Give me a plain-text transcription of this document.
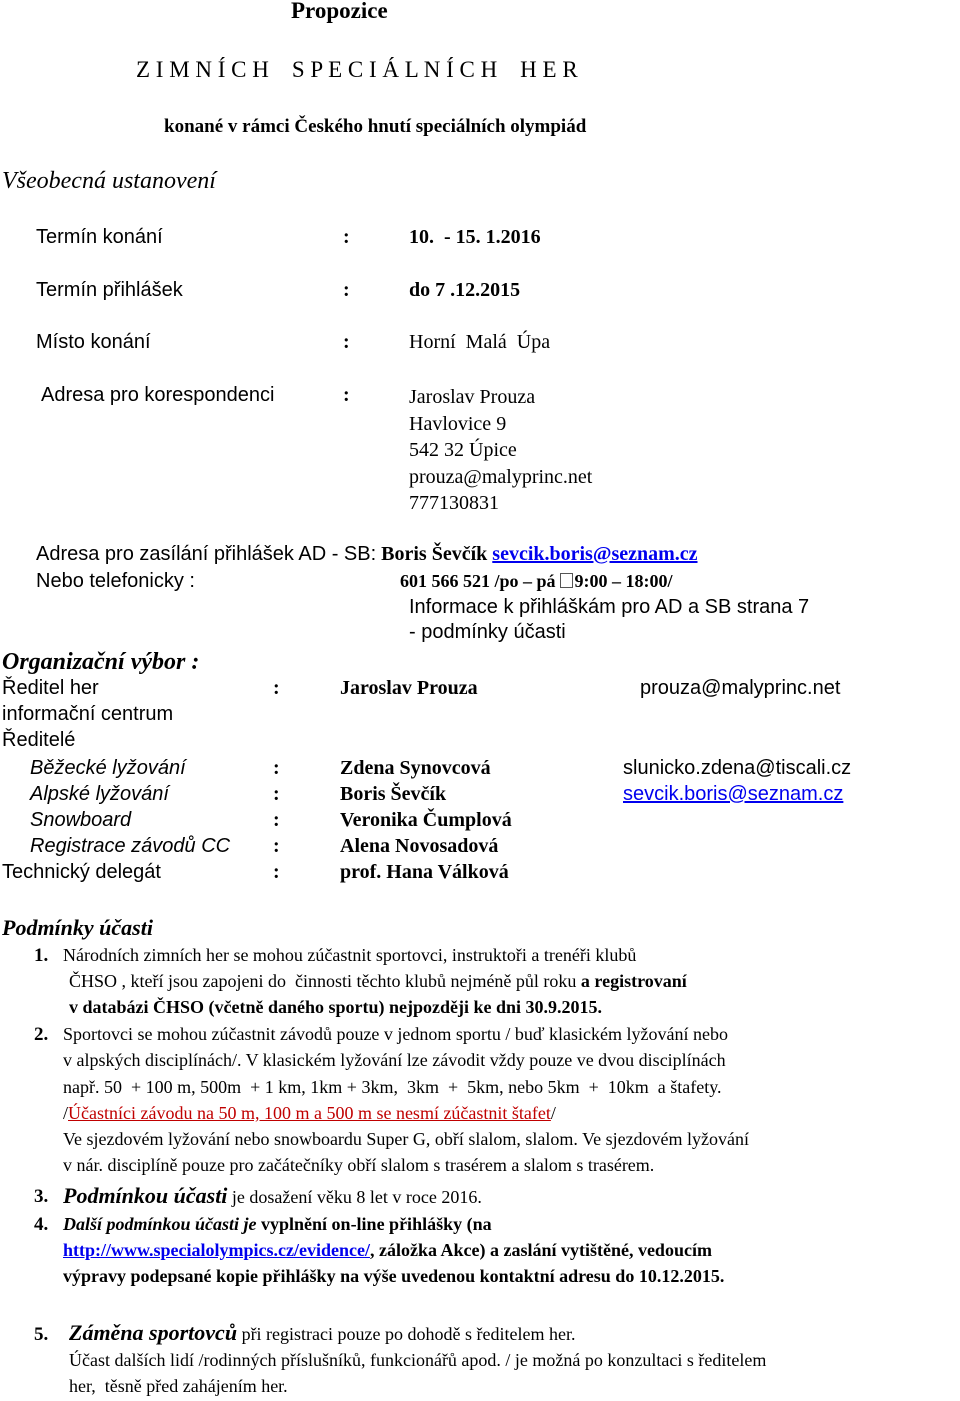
Propozice
Z I M N Í C H    S P E C I Á L N Í C H    H E R
konané v rámci Českého hnutí speciálních olympiád
Všeobecná ustanovení
Termín konání	:	10.  - 15. 1.2016
Termín přihlášek	:	do 7 .12.2015
Místo konání	:	Horní  Malá  Úpa
Adresa pro korespondenci	:	Jaroslav Prouza
Havlovice 9
542 32 Úpice
prouza@malyprinc.net
777130831
Adresa pro zasílání přihlášek AD - SB: Boris Ševčík sevcik.boris@seznam.cz
Nebo telefonicky :	601 566 521 /po – pá 9:00 – 18:00/
Informace k přihláškám pro AD a SB strana 7
- podmínky účasti
Organizační výbor :
Ředitel her	:	Jaroslav Prouza	prouza@malyprinc.net
informační centrum
Ředitelé
Běžecké lyžování	:	Zdena Synovcová	slunicko.zdena@tiscali.cz
Alpské lyžování	:	Boris Ševčík	sevcik.boris@seznam.cz
Snowboard	:	Veronika Čumplová
Registrace závodů CC :	Alena Novosadová
Technický delegát	:	prof. Hana Válková
Podmínky účasti
1. Národních zimních her se mohou zúčastnit sportovci, instruktoři a trenéři klubů
ČHSO , kteří jsou zapojeni do  činnosti těchto klubů nejméně půl roku a registrovaní
v databázi ČHSO (včetně daného sportu) nejpozději ke dni 30.9.2015.
2. Sportovci se mohou zúčastnit závodů pouze v jednom sportu / buď klasickém lyžování nebo
v alpských disciplínách/. V klasickém lyžování lze závodit vždy pouze ve dvou disciplínách
např. 50  + 100 m, 500m  + 1 km, 1km + 3km,  3km  +  5km, nebo 5km  +  10km  a štafety.
/Účastníci závodu na 50 m, 100 m a 500 m se nesmí zúčastnit štafet/
Ve sjezdovém lyžování nebo snowboardu Super G, obří slalom, slalom. Ve sjezdovém lyžování
v nár. disciplíně pouze pro začátečníky obří slalom s trasérem a slalom s trasérem.
3. Podmínkou účasti je dosažení věku 8 let v roce 2016.
4. Další podmínkou účasti je vyplnění on-line přihlášky (na
http://www.specialolympics.cz/evidence/, záložka Akce) a zaslání vytištěné, vedoucím
výpravy podepsané kopie přihlášky na výše uvedenou kontaktní adresu do 10.12.2015.
5. Záměna sportovců při registraci pouze po dohodě s ředitelem her.
Účast dalších lidí /rodinných příslušníků, funkcionářů apod. / je možná po konzultaci s ředitelem
her,  těsně před zahájením her.
